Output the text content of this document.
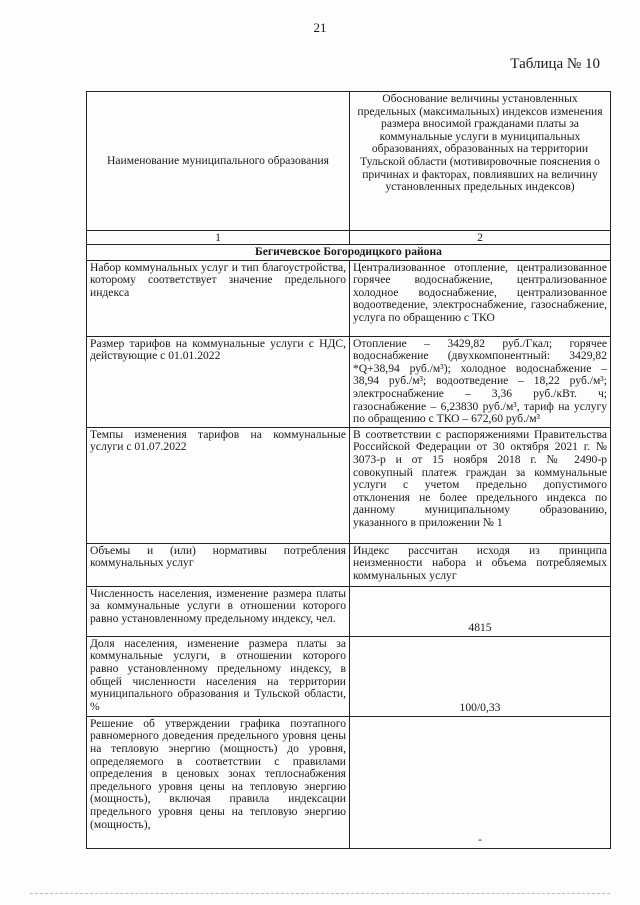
21
Таблица № 10
Наименование муниципального образования	Обоснование величины установленных предельных (максимальных) индексов изменения размера вносимой гражданами платы за коммунальные услуги в муниципальных образованиях, образованных на территории Тульской области (мотивировочные пояснения о причинах и факторах, повлиявших на величину установленных предельных индексов)
1	2
Бегичевское Богородицкого района	
Набор коммунальных услуг и тип благоустройства, которому соответствует значение предельного индекса	Централизованное отопление, централизованное горячее водоснабжение, централизованное холодное водоснабжение, централизованное водоотведение, электроснабжение, газоснабжение, услуга по обращению с ТКО
Размер тарифов на коммунальные услуги с НДС, действующие с 01.01.2022	Отопление – 3429,82 руб./Гкал; горячее водоснабжение (двухкомпонентный: 3429,82 *Q+38,94 руб./м³); холодное водоснабжение – 38,94 руб./м³; водоотведение – 18,22 руб./м³; электроснабжение – 3,36 руб./кВт. ч; газоснабжение – 6,23830 руб./м³, тариф на услугу по обращению с ТКО – 672,60 руб./м³
Темпы изменения тарифов на коммунальные услуги с 01.07.2022	В соответствии с распоряжениями Правительства Российской Федерации от 30 октября 2021 г. № 3073-р и от 15 ноября 2018 г. № 2490-р совокупный платеж граждан за коммунальные услуги с учетом предельно допустимого отклонения не более предельного индекса по данному муниципальному образованию, указанного в приложении № 1
Объемы и (или) нормативы потребления коммунальных услуг	Индекс рассчитан исходя из принципа неизменности набора и объема потребляемых коммунальных услуг
Численность населения, изменение размера платы за коммунальные услуги в отношении которого равно установленному предельному индексу, чел.	4815
Доля населения, изменение размера платы за коммунальные услуги, в отношении которого равно установленному предельному индексу, в общей численности населения на территории муниципального образования и Тульской области, %	100/0,33
Решение об утверждении графика поэтапного равномерного доведения предельного уровня цены на тепловую энергию (мощность) до уровня, определяемого в соответствии с правилами определения в ценовых зонах теплоснабжения предельного уровня цены на тепловую энергию (мощность), включая правила индексации предельного уровня цены на тепловую энергию (мощность),	-
